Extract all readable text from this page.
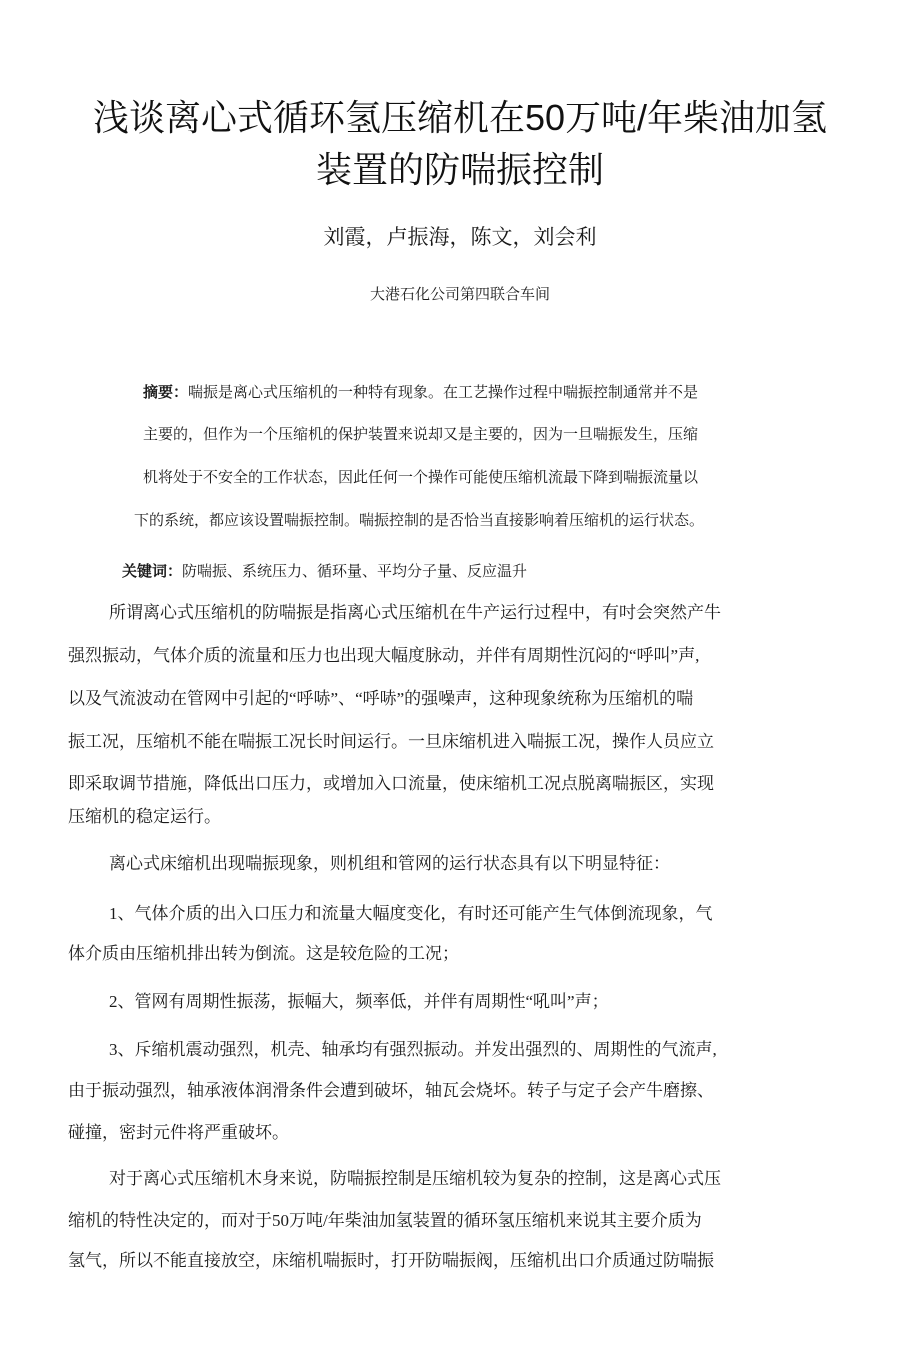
浅谈离心式循环氢压缩机在50万吨/年柴油加氢
装置的防喘振控制
刘霞，卢振海，陈文，刘会利
大港石化公司第四联合车间
摘要：喘振是离心式压缩机的一种特有现象。在工艺操作过程中喘振控制通常并不是
主要的，但作为一个压缩机的保护装置来说却又是主要的，因为一旦喘振发生，压缩
机将处于不安全的工作状态，因此任何一个操作可能使压缩机流最下降到喘振流量以
下的系统，都应该设置喘振控制。喘振控制的是否恰当直接影响着压缩机的运行状态。
关键词：防喘振、系统压力、循环量、平均分子量、反应温升
所谓离心式压缩机的防喘振是指离心式压缩机在牛产运行过程中，有吋会突然产牛
强烈振动，气体介质的流量和压力也出现大幅度脉动，并伴有周期性沉闷的“呼叫”声,
以及气流波动在管网中引起的“呼哧”、“呼哧”的强噪声，这种现象统称为压缩机的喘
振工况，压缩机不能在喘振工况长时间运行。一旦床缩机进入喘振工况，操作人员应立
即采取调节措施，降低出口压力，或增加入口流量，使床缩机工况点脱离喘振区，实现
压缩机的稳定运行。
离心式床缩机出现喘振现象，则机组和管网的运行状态具有以下明显特征：
1、气体介质的出入口压力和流量大幅度变化，有时还可能产生气体倒流现象，气
体介质由压缩机排出转为倒流。这是较危险的工况；
2、管网有周期性振荡，振幅大，频率低，并伴有周期性“吼叫”声；
3、斥缩机震动强烈，机壳、轴承均有强烈振动。并发出强烈的、周期性的气流声,
由于振动强烈，轴承液体润滑条件会遭到破坏，轴瓦会烧坏。转子与定子会产牛磨擦、
碰撞，密封元件将严重破坏。
对于离心式压缩机木身来说，防喘振控制是压缩机较为复杂的控制，这是离心式压
缩机的特性决定的，而对于50万吨/年柴油加氢装置的循环氢压缩机来说其主要介质为
氢气，所以不能直接放空，床缩机喘振时，打开防喘振阀，压缩机出口介质通过防喘振
